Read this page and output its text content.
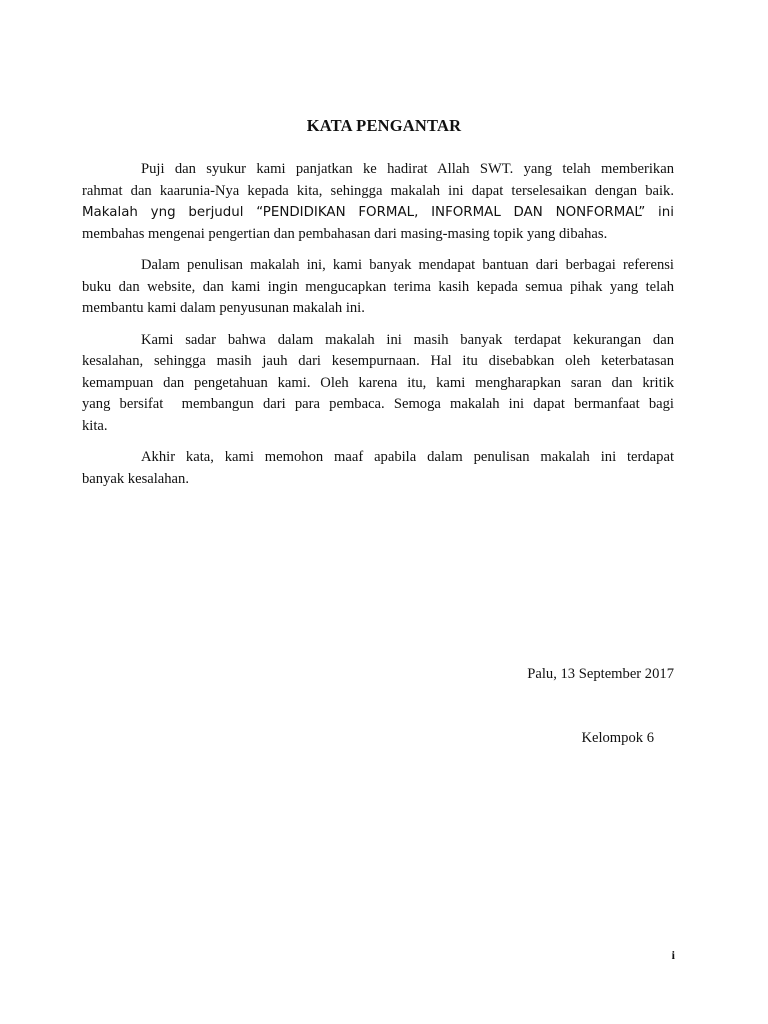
KATA PENGANTAR
Puji dan syukur kami panjatkan ke hadirat Allah SWT. yang telah memberikan
rahmat dan kaarunia-Nya kepada kita, sehingga makalah ini dapat terselesaikan dengan baik.
Makalah yng berjudul “PENDIDIKAN FORMAL, INFORMAL DAN NONFORMAL” ini
membahas mengenai pengertian dan pembahasan dari masing-masing topik yang dibahas.
Dalam penulisan makalah ini, kami banyak mendapat bantuan dari berbagai referensi
buku dan website, dan kami ingin mengucapkan terima kasih kepada semua pihak yang telah
membantu kami dalam penyusunan makalah ini.
Kami sadar bahwa dalam makalah ini masih banyak terdapat kekurangan dan
kesalahan, sehingga masih jauh dari kesempurnaan. Hal itu disebabkan oleh keterbatasan
kemampuan dan pengetahuan kami. Oleh karena itu, kami mengharapkan saran dan kritik
yang bersifat  membangun dari para pembaca. Semoga makalah ini dapat bermanfaat bagi
kita.
Akhir kata, kami memohon maaf apabila dalam penulisan makalah ini terdapat
banyak kesalahan.
Palu, 13 September 2017
Kelompok 6
i
